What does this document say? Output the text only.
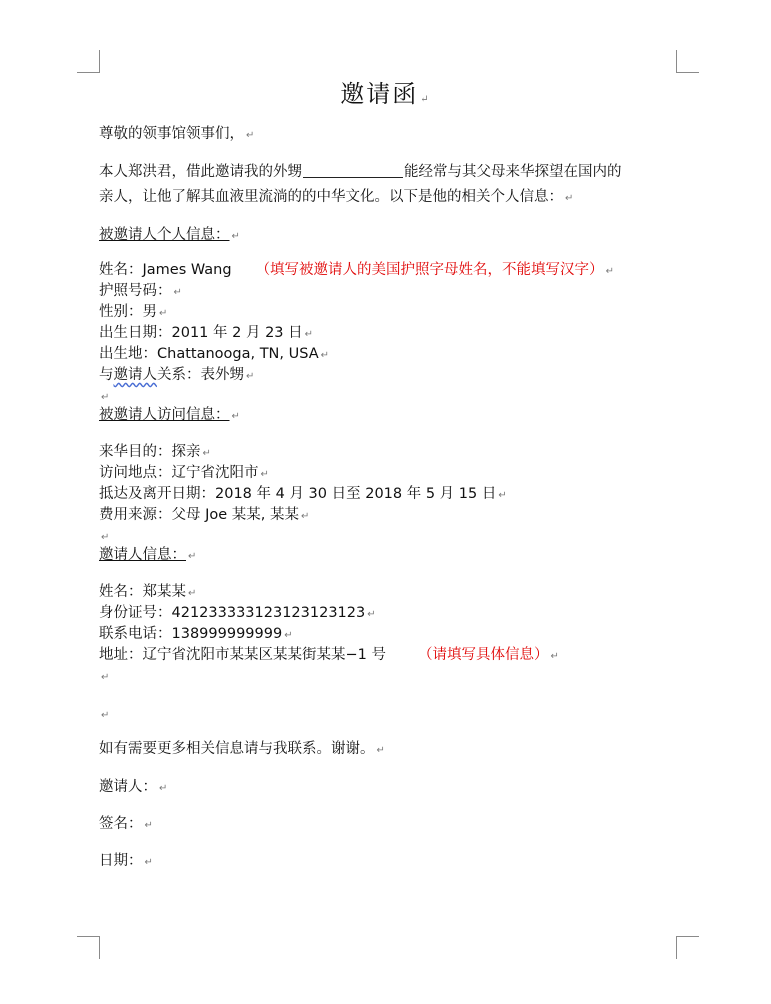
邀请函 ↵
尊敬的领事馆领事们， ↵
本人郑洪君，借此邀请我的外甥	能经常与其父母来华探望在国内的
亲人，让他了解其血液里流淌的的中华文化。以下是他的相关个人信息： ↵
被邀请人个人信息： ↵
姓名：James Wang （填写被邀请人的美国护照字母姓名，不能填写汉字） ↵
护照号码： ↵
性别：男 ↵
出生日期：2011 年 2 月 23 日 ↵
出生地：Chattanooga, TN, USA ↵
与邀请人关系：表外甥 ↵
↵
被邀请人访问信息： ↵
来华目的：探亲 ↵
访问地点：辽宁省沈阳市 ↵
抵达及离开日期：2018 年 4 月 30 日至 2018 年 5 月 15 日 ↵
费用来源：父母 Joe 某某, 某某 ↵
↵
邀请人信息： ↵
姓名：郑某某 ↵
身份证号：421233333123123123123 ↵
联系电话：138999999999 ↵
地址：辽宁省沈阳市某某区某某街某某−1 号 （请填写具体信息） ↵
↵
↵
如有需要更多相关信息请与我联系。谢谢。 ↵
邀请人： ↵
签名： ↵
日期： ↵
